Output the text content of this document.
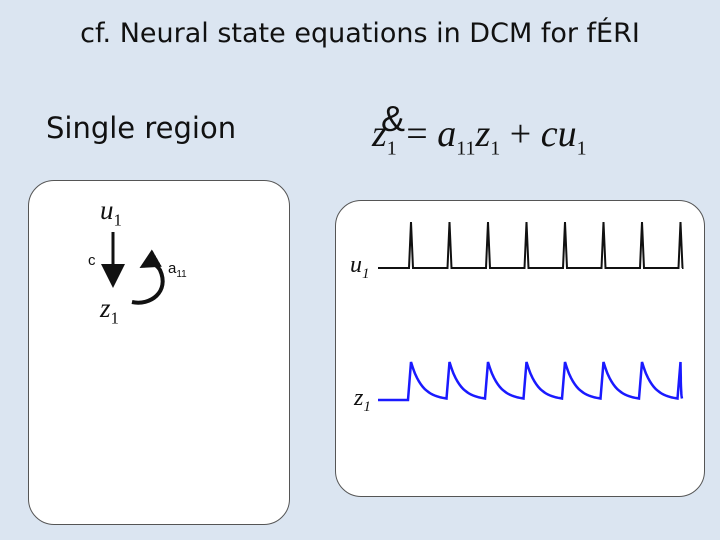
cf. Neural state equations in DCM for fÉRI
Single region	$z_1 = a_{11}z_1 + cu_1$
&
$u_1$
$z_1$
c	$a_{11}$	$u_1$
$z_1$
